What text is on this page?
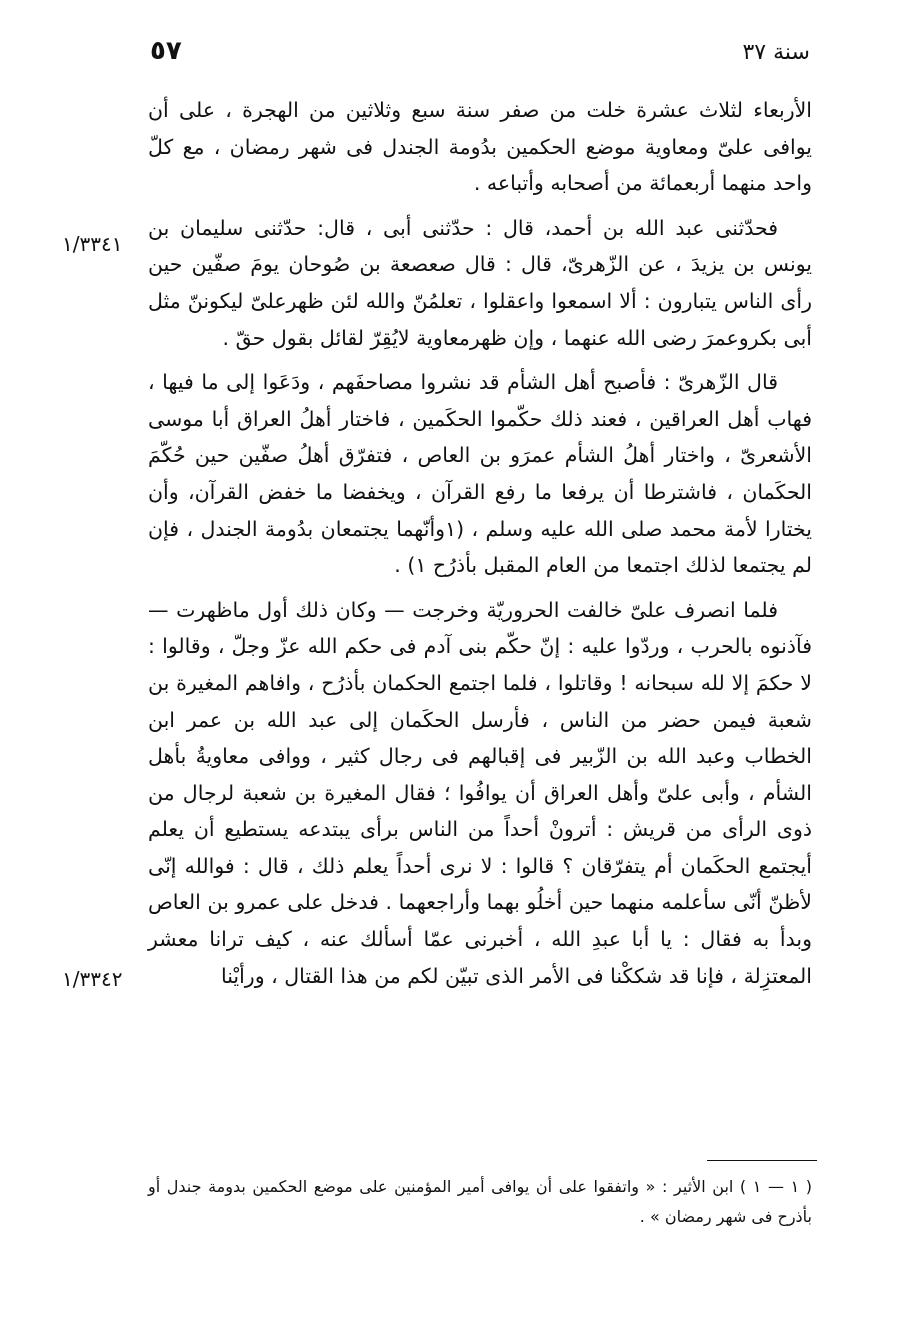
٥٧	سنة ٣٧
١/٣٣٤١
١/٣٣٤٢

الأربعاء لثلاث عشرة خلت من صفر سنة سبع وثلاثين من الهجرة ، على أن يوافى علىّ ومعاوية موضع الحكمين بدُومة الجندل فى شهر رمضان ، مع كلّ واحد منهما أربعمائة من أصحابه وأتباعه .

فحدّثنى عبد الله بن أحمد، قال : حدّثنى أبى ، قال: حدّثنى سليمان بن يونس بن يزيدَ ، عن الزّهرىّ، قال : قال صعصعة بن صُوحان يومَ صفّين حين رأى الناس يتبارون : ألا اسمعوا واعقلوا ، تعلمُنّ والله لئن ظهرعلىّ ليكوننّ مثل أبى بكروعمرَ رضى الله عنهما ، وإن ظهرمعاوية لايُقِرّ لقائل بقول حقّ .

قال الزّهرىّ : فأصبح أهل الشأم قد نشروا مصاحفَهم ، ودَعَوا إلى ما فيها ، فهاب أهل العراقين ، فعند ذلك حكّموا الحكَمين ، فاختار أهلُ العراق أبا موسى الأشعرىّ ، واختار أهلُ الشأم عمرَو بن العاص ، فتفرّق أهلُ صفّين حين حُكّمَ الحكَمان ، فاشترطا أن يرفعا ما رفع القرآن ، ويخفضا ما خفض القرآن، وأن يختارا لأمة محمد صلى الله عليه وسلم ، (١وأنّهما يجتمعان بدُومة الجندل ، فإن لم يجتمعا لذلك اجتمعا من العام المقبل بأذرُح ١) .

فلما انصرف علىّ خالفت الحروريّة وخرجت — وكان ذلك أول ماظهرت — فآذنوه بالحرب ، وردّوا عليه : إنّ حكّم بنى آدم فى حكم الله عزّ وجلّ ، وقالوا : لا حكمَ إلا لله سبحانه ! وقاتلوا ، فلما اجتمع الحكمان بأذرُح ، وافاهم المغيرة بن شعبة فيمن حضر من الناس ، فأرسل الحكَمان إلى عبد الله بن عمر ابن الخطاب وعبد الله بن الزّبير فى إقبالهم فى رجال كثير ، ووافى معاويةُ بأهل الشأم ، وأبى علىّ وأهل العراق أن يوافُوا ؛ فقال المغيرة بن شعبة لرجال من ذوى الرأى من قريش : أترونْ أحداً من الناس برأى يبتدعه يستطيع أن يعلم أيجتمع الحكَمان أم يتفرّقان ؟ قالوا : لا نرى أحداً يعلم ذلك ، قال : فوالله إنّى لأظنّ أنّى سأعلمه منهما حين أخلُو بهما وأراجعهما . فدخل على عمرو بن العاص وبدأ به فقال : يا أبا عبدِ الله ، أخبرنى عمّا أسألك عنه ، كيف ترانا معشر المعتزِلة ، فإنا قد شككْنا فى الأمر الذى تبيّن لكم من هذا القتال ، ورأيْنا

( ١ — ١ ) ابن الأثير : « واتفقوا على أن يوافى أمير المؤمنين على موضع الحكمين بدومة جندل أو بأذرح فى شهر رمضان » .
